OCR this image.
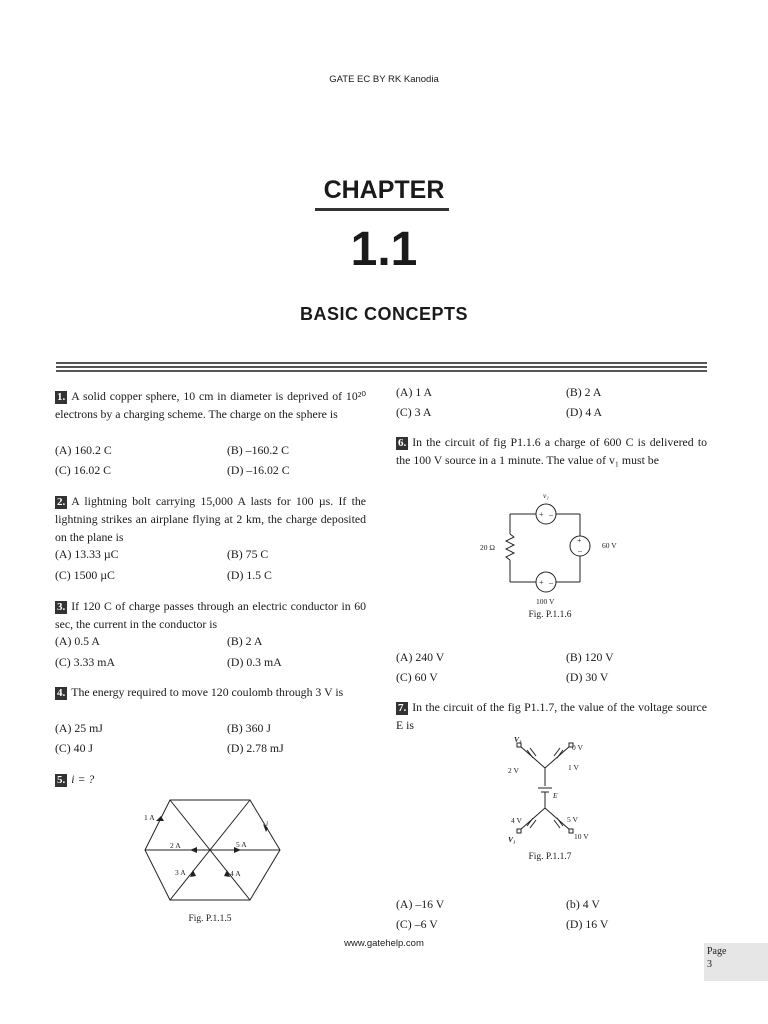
GATE EC BY RK Kanodia
CHAPTER
1.1
BASIC CONCEPTS
1. A solid copper sphere, 10 cm in diameter is deprived of 10²⁰ electrons by a charging scheme. The charge on the sphere is
(A) 160.2 C	(B) –160.2 C
(C) 16.02 C	(D) –16.02 C
2. A lightning bolt carrying 15,000 A lasts for 100 µs. If the lightning strikes an airplane flying at 2 km, the charge deposited on the plane is
(A) 13.33 µC	(B) 75 C
(C) 1500 µC	(D) 1.5 C
3. If 120 C of charge passes through an electric conductor in 60 sec, the current in the conductor is
(A) 0.5 A	(B) 2 A
(C) 3.33 mA	(D) 0.3 mA
4. The energy required to move 120 coulomb through 3 V is
(A) 25 mJ	(B) 360 J
(C) 40 J	(D) 2.78 mJ
5. i = ?
1 A
i
2 A	5 A
3 A	4 A
Fig. P.1.1.5
(A) 1 A	(B) 2 A
(C) 3 A	(D) 4 A
6. In the circuit of fig P1.1.6 a charge of 600 C is delivered to the 100 V source in a 1 minute. The value of v₁ must be
+ –
+
–
+ –
v₁
20 Ω	60 V
100 V
Fig. P.1.1.6
(A) 240 V	(B) 120 V
(C) 60 V	(D) 30 V
7. In the circuit of the fig P1.1.7, the value of the voltage source E is
V₂
0 V
2 V	1 V
E
4 V	5 V
10 V
V₁
Fig. P.1.1.7
(A) –16 V	(b) 4 V
(C) –6 V	(D) 16 V
www.gatehelp.com
Page
3
